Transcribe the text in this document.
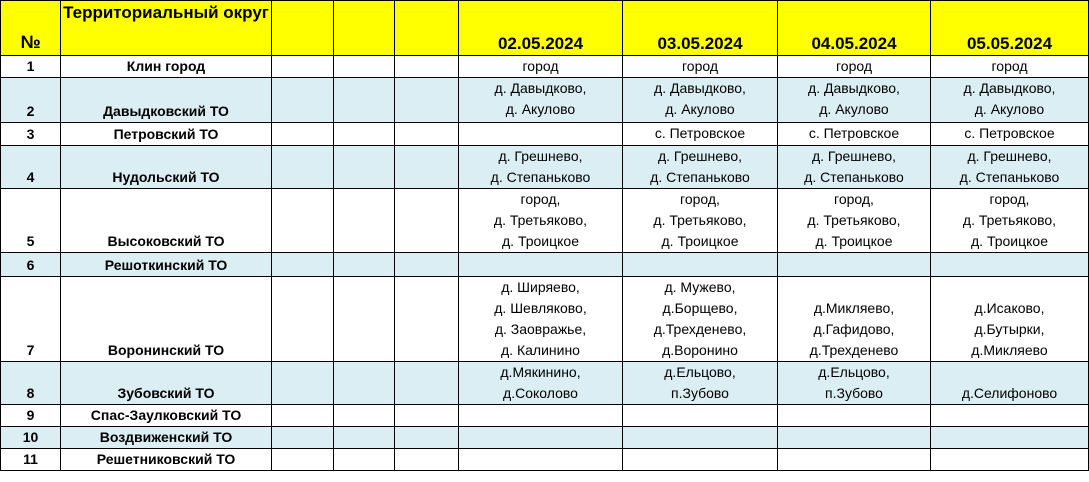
№	Территориальный округ				02.05.2024	03.05.2024	04.05.2024	05.05.2024
1	Клин город				город	город	город	город

2	Давыдковский ТО				д. Давыдково,
д. Акулово	д. Давыдково,
д. Акулово	д. Давыдково,
д. Акулово	д. Давыдково,
д. Акулово

3	Петровский ТО					с. Петровское	с. Петровское	с. Петровское

4	Нудольский ТО				д. Грешнево,
д. Степаньково	д. Грешнево,
д. Степаньково	д. Грешнево,
д. Степаньково	д. Грешнево,
д. Степаньково

5	Высоковский ТО				город,
д. Третьяково,
д. Троицкое	город,
д. Третьяково,
д. Троицкое	город,
д. Третьяково,
д. Троицкое	город,
д. Третьяково,
д. Троицкое

6	Решоткинский ТО							
7	Воронинский ТО				д. Ширяево,
д. Шевляково,
д. Заовражье,
д. Калинино	д. Мужево,
д.Борщево,
д.Трехденево,
д.Воронино	д.Микляево,
д.Гафидово,
д.Трехденево	д.Исаково,
д.Бутырки,
д.Микляево

8	Зубовский ТО				д.Мякинино,
д.Соколово	д.Ельцово,
п.Зубово	д.Ельцово,
п.Зубово	д.Селифоново

9	Спас-Заулковский ТО							
10	Воздвиженский ТО							
11	Решетниковский ТО							
